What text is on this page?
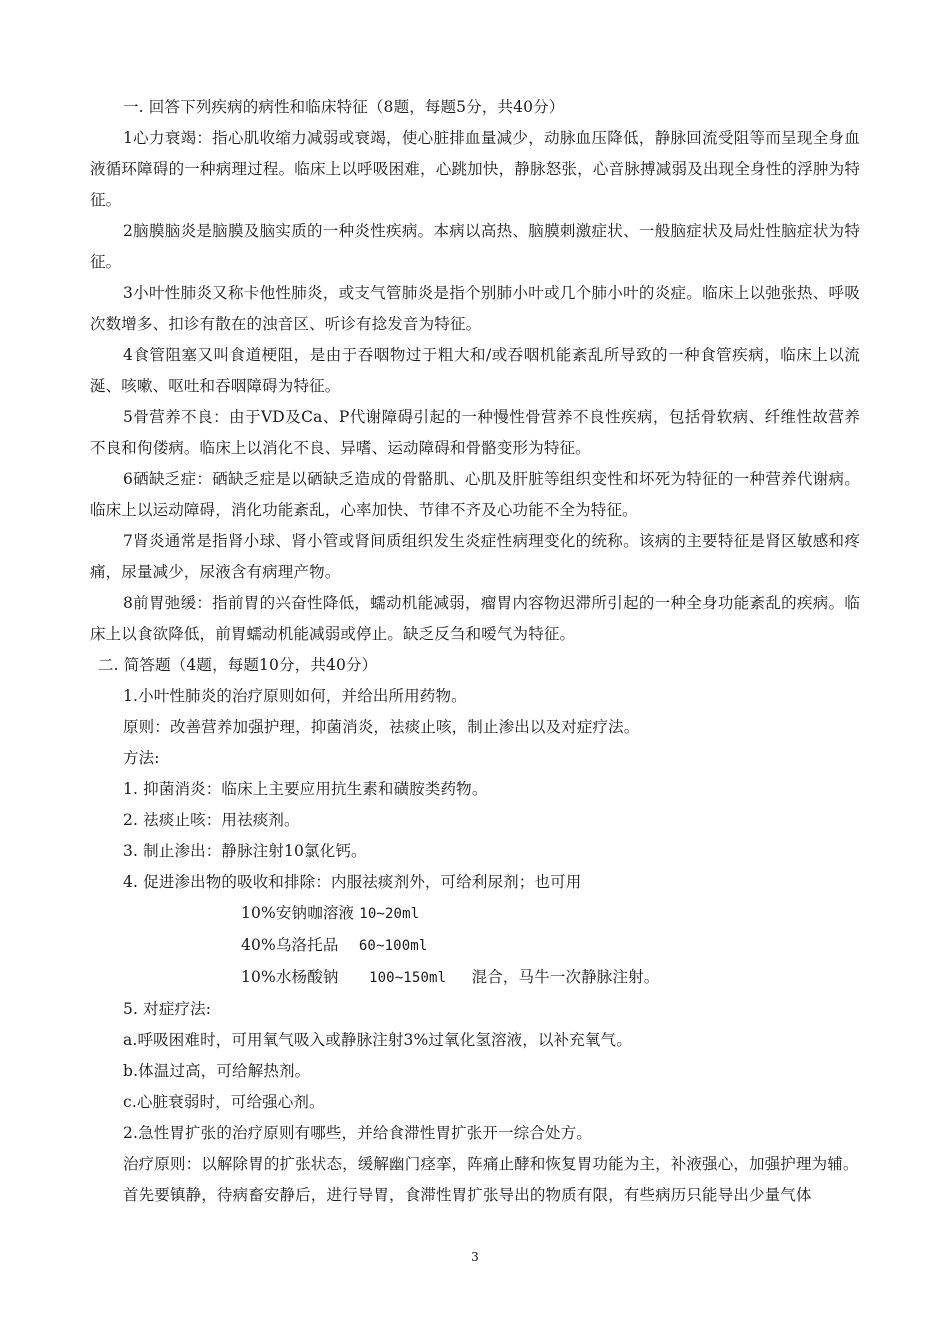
一. 回答下列疾病的病性和临床特征（8题，每题5分，共40分）

1心力衰竭：指心肌收缩力减弱或衰竭，使心脏排血量减少，动脉血压降低，静脉回流受阻等而呈现全身血液循环障碍的一种病理过程。临床上以呼吸困难，心跳加快，静脉怒张，心音脉搏减弱及出现全身性的浮肿为特征。

2脑膜脑炎是脑膜及脑实质的一种炎性疾病。本病以高热、脑膜刺激症状、一般脑症状及局灶性脑症状为特征。

3小叶性肺炎又称卡他性肺炎，或支气管肺炎是指个别肺小叶或几个肺小叶的炎症。临床上以弛张热、呼吸次数增多、扣诊有散在的浊音区、听诊有捻发音为特征。

4食管阻塞又叫食道梗阻，是由于吞咽物过于粗大和/或吞咽机能紊乱所导致的一种食管疾病，临床上以流涎、咳嗽、呕吐和吞咽障碍为特征。

5骨营养不良：由于VD及Ca、P代谢障碍引起的一种慢性骨营养不良性疾病，包括骨软病、纤维性故营养不良和佝偻病。临床上以消化不良、异嗜、运动障碍和骨骼变形为特征。

6硒缺乏症：硒缺乏症是以硒缺乏造成的骨骼肌、心肌及肝脏等组织变性和坏死为特征的一种营养代谢病。临床上以运动障碍，消化功能紊乱，心率加快、节律不齐及心功能不全为特征。

7肾炎通常是指肾小球、肾小管或肾间质组织发生炎症性病理变化的统称。该病的主要特征是肾区敏感和疼痛，尿量减少，尿液含有病理产物。

8前胃弛缓：指前胃的兴奋性降低，蠕动机能减弱，瘤胃内容物迟滞所引起的一种全身功能紊乱的疾病。临床上以食欲降低，前胃蠕动机能减弱或停止。缺乏反刍和嗳气为特征。

二. 简答题（4题，每题10分，共40分）

1.小叶性肺炎的治疗原则如何，并给出所用药物。

原则：改善营养加强护理，抑菌消炎，祛痰止咳，制止渗出以及对症疗法。

方法:

1. 抑菌消炎：临床上主要应用抗生素和磺胺类药物。

2. 祛痰止咳：用祛痰剂。

3. 制止渗出：静脉注射10氯化钙。

4. 促进渗出物的吸收和排除：内服祛痰剂外，可给利尿剂；也可用

10%安钠咖溶液 10~20ml

40%乌洛托品 60~100ml

10%水杨酸钠 100~150ml 混合，马牛一次静脉注射。

5. 对症疗法:

a.呼吸困难时，可用氧气吸入或静脉注射3%过氧化氢溶液，以补充氧气。

b.体温过高，可给解热剂。

c.心脏衰弱时，可给强心剂。

2.急性胃扩张的治疗原则有哪些，并给食滞性胃扩张开一综合处方。

治疗原则：以解除胃的扩张状态，缓解幽门痉挛，阵痛止酵和恢复胃功能为主，补液强心，加强护理为辅。

首先要镇静，待病畜安静后，进行导胃，食滞性胃扩张导出的物质有限，有些病历只能导出少量气体

3
